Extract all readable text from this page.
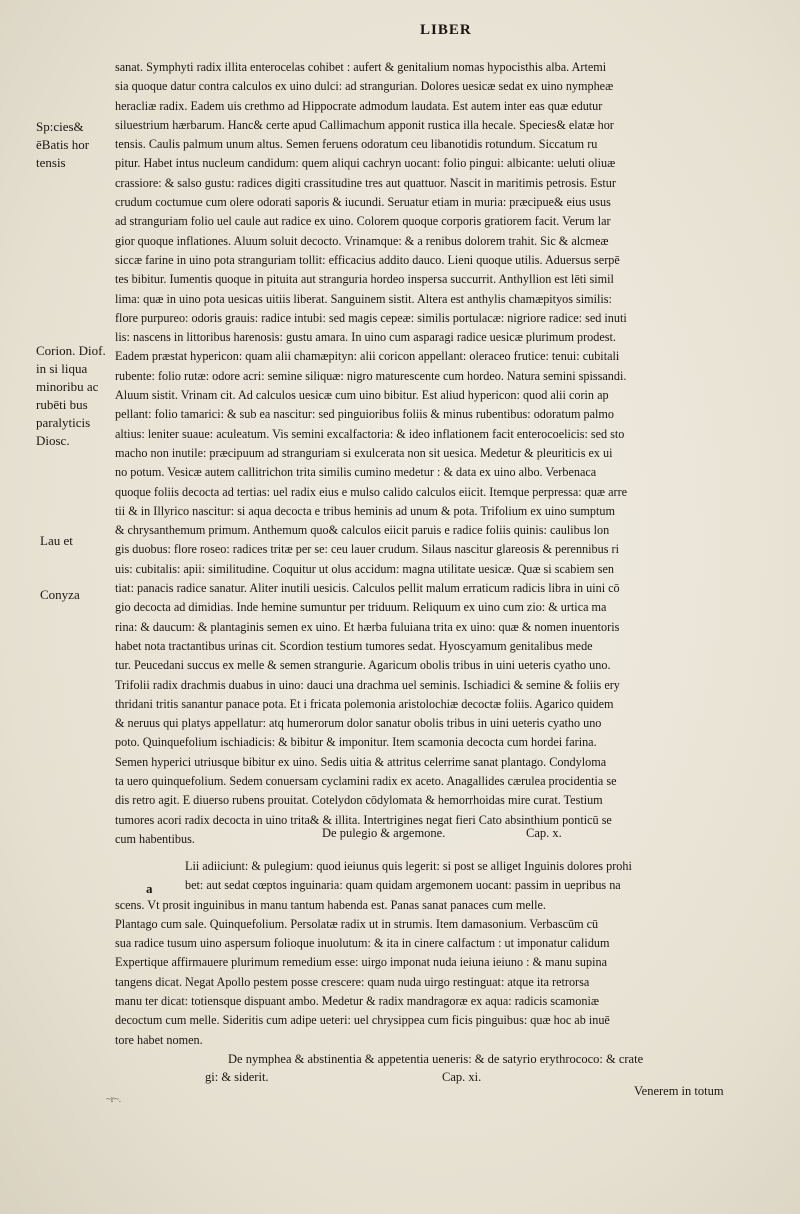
LIBER
Sp:cies& ēBatis hor tensis
Corion. Diof. in si liqua minoribu ac rubēti bus paralyticis Diosc.
Lau et
Conyza
sanat. Symphyti radix illita enterocelas cohibet : aufert & genitalium nomas hypocisthis alba. Artemi
sia quoque datur contra calculos ex uino dulci: ad strangurian. Dolores uesicæ sedat ex uino nympheæ
heracliæ radix. Eadem uis crethmo ad Hippocrate admodum laudata. Est autem inter eas quæ edutur
siluestrium hærbarum. Hanc& certe apud Callimachum apponit rustica illa hecale. Species& elatæ hor
tensis. Caulis palmum unum altus. Semen feruens odoratum ceu libanotidis rotundum. Siccatum ru
pitur. Habet intus nucleum candidum: quem aliqui cachryn uocant: folio pingui: albicante: ueluti oliuæ
crassiore: & salso gustu: radices digiti crassitudine tres aut quattuor. Nascit in maritimis petrosis. Estur
crudum coctumue cum olere odorati saporis & iucundi. Seruatur etiam in muria: præcipue& eius usus
ad stranguriam folio uel caule aut radice ex uino. Colorem quoque corporis gratiorem facit. Verum lar
gior quoque inflationes. Aluum soluit decocto. Vrinamque: & a renibus dolorem trahit. Sic & alcmeæ
siccæ farine in uino pota stranguriam tollit: efficacius addito dauco. Lieni quoque utilis. Aduersus serpē
tes bibitur. Iumentis quoque in pituita aut stranguria hordeo inspersa succurrit. Anthyllion est lēti simil
lima: quæ in uino pota uesicas uitiis liberat. Sanguinem sistit. Altera est anthylis chamæpityos similis:
flore purpureo: odoris grauis: radice intubi: sed magis cepeæ: similis portulacæ: nigriore radice: sed inuti
lis: nascens in littoribus harenosis: gustu amara. In uino cum asparagi radice uesicæ plurimum prodest.
Eadem præstat hypericon: quam alii chamæpityn: alii coricon appellant: oleraceo frutice: tenui: cubitali
rubente: folio rutæ: odore acri: semine siliquæ: nigro maturescente cum hordeo. Natura semini spissandi.
Aluum sistit. Vrinam cit. Ad calculos uesicæ cum uino bibitur. Est aliud hypericon: quod alii corin ap
pellant: folio tamarici: & sub ea nascitur: sed pinguioribus foliis & minus rubentibus: odoratum palmo
altius: leniter suaue: aculeatum. Vis semini excalfactoria: & ideo inflationem facit enterocoelicis: sed sto
macho non inutile: præcipuum ad stranguriam si exulcerata non sit uesica. Medetur & pleuriticis ex ui
no potum. Vesicæ autem callitrichon trita similis cumino medetur : & data ex uino albo. Verbenaca
quoque foliis decocta ad tertias: uel radix eius e mulso calido calculos eiicit. Itemque perpressa: quæ arre
tii & in Illyrico nascitur: si aqua decocta e tribus heminis ad unum & pota. Trifolium ex uino sumptum
& chrysanthemum primum. Anthemum quo& calculos eiicit paruis e radice foliis quinis: caulibus lon
gis duobus: flore roseo: radices tritæ per se: ceu lauer crudum. Silaus nascitur glareosis & perennibus ri
uis: cubitalis: apii: similitudine. Coquitur ut olus accidum: magna utilitate uesicæ. Quæ si scabiem sen
tiat: panacis radice sanatur. Aliter inutili uesicis. Calculos pellit malum erraticum radicis libra in uini cō
gio decocta ad dimidias. Inde hemine sumuntur per triduum. Reliquum ex uino cum zio: & urtica ma
rina: & daucum: & plantaginis semen ex uino. Et hærba fuluiana trita ex uino: quæ & nomen inuentoris
habet nota tractantibus urinas cit. Scordion testium tumores sedat. Hyoscyamum genitalibus mede
tur. Peucedani succus ex melle & semen strangurie. Agaricum obolis tribus in uini ueteris cyatho uno.
Trifolii radix drachmis duabus in uino: dauci una drachma uel seminis. Ischiadici & semine & foliis ery
thridani tritis sanantur panace pota. Et i fricata polemonia aristolochiæ decoctæ foliis. Agarico quidem
& neruus qui platys appellatur: atq humerorum dolor sanatur obolis tribus in uini ueteris cyatho uno
poto. Quinquefolium ischiadicis: & bibitur & imponitur. Item scamonia decocta cum hordei farina.
Semen hyperici utriusque bibitur ex uino. Sedis uitia & attritus celerrime sanat plantago. Condyloma
ta uero quinquefolium. Sedem conuersam cyclamini radix ex aceto. Anagallides cærulea procidentia se
dis retro agit. E diuerso rubens prouitat. Cotelydon cōdylomata & hemorrhoidas mire curat. Testium
tumores acori radix decocta in uino trita& & illita. Intertrigines negat fieri Cato absinthium ponticū se
cum habentibus.	De pulegio & argemone.	Cap. x.
a
Lii adiiciunt: & pulegium: quod ieiunus quis legerit: si post se alliget Inguinis dolores prohi
bet: aut sedat cœptos inguinaria: quam quidam argemonem uocant: passim in uepribus na
scens. Vt prosit inguinibus in manu tantum habenda est. Panas sanat panaces cum melle.
Plantago cum sale. Quinquefolium. Persolatæ radix ut in strumis. Item damasonium. Verbascūm cū
sua radice tusum uino aspersum folioque inuolutum: & ita in cinere calfactum : ut imponatur calidum
Expertique affirmauere plurimum remedium esse: uirgo imponat nuda ieiuna ieiuno : & manu supina
tangens dicat. Negat Apollo pestem posse crescere: quam nuda uirgo restinguat: atque ita retrorsa
manu ter dicat: totiensque dispuant ambo. Medetur & radix mandragoræ ex aqua: radicis scamoniæ
decoctum cum melle. Sideritis cum adipe ueteri: uel chrysippea cum ficis pinguibus: quæ hoc ab inuē
tore habet nomen.
De nymphea & abstinentia & appetentia ueneris: & de satyrio erythrococo: & crate
gi: & siderit.	Cap. xi.
Venerem in totum
~r~.
